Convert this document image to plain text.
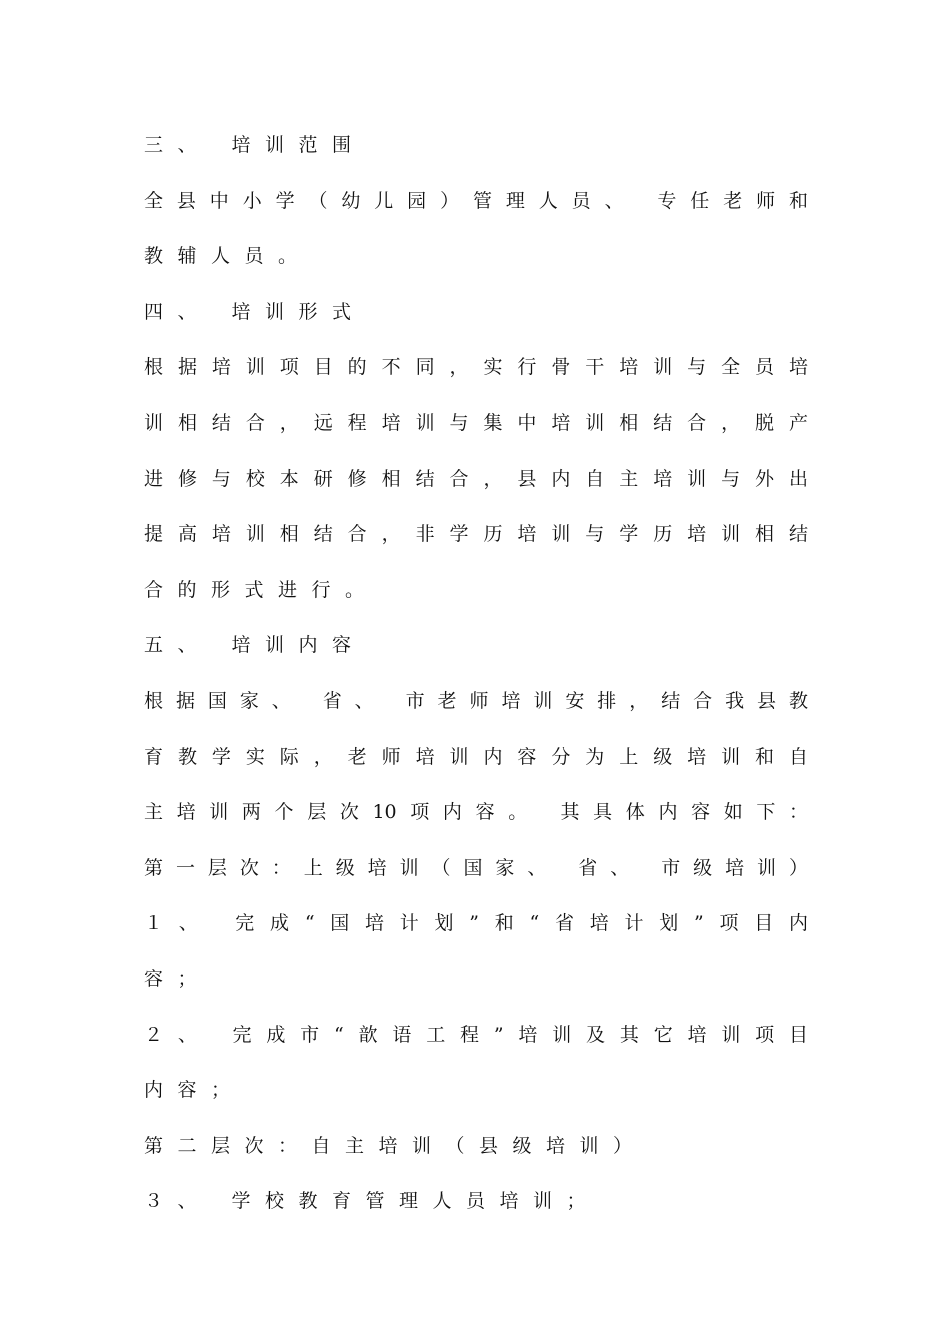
三、 培训范围
全县中小学（幼儿园）管理人员、 专任老师和
教辅人员。
四、 培训形式
根据培训项目的不同，实行骨干培训与全员培
训相结合，远程培训与集中培训相结合，脱产
进修与校本研修相结合，县内自主培训与外出
提高培训相结合，非学历培训与学历培训相结
合的形式进行。
五、 培训内容
根据国家、 省、 市老师培训安排，结合我县教
育教学实际，老师培训内容分为上级培训和自
主培训两个层次10项内容。 其具体内容如下：
第一层次：上级培训（国家、 省、 市级培训）
１、 完成“国培计划”和“省培计划”项目内
容；
２、 完成市“歆语工程”培训及其它培训项目
内容；
第二层次：自主培训（县级培训）
３、 学校教育管理人员培训；
